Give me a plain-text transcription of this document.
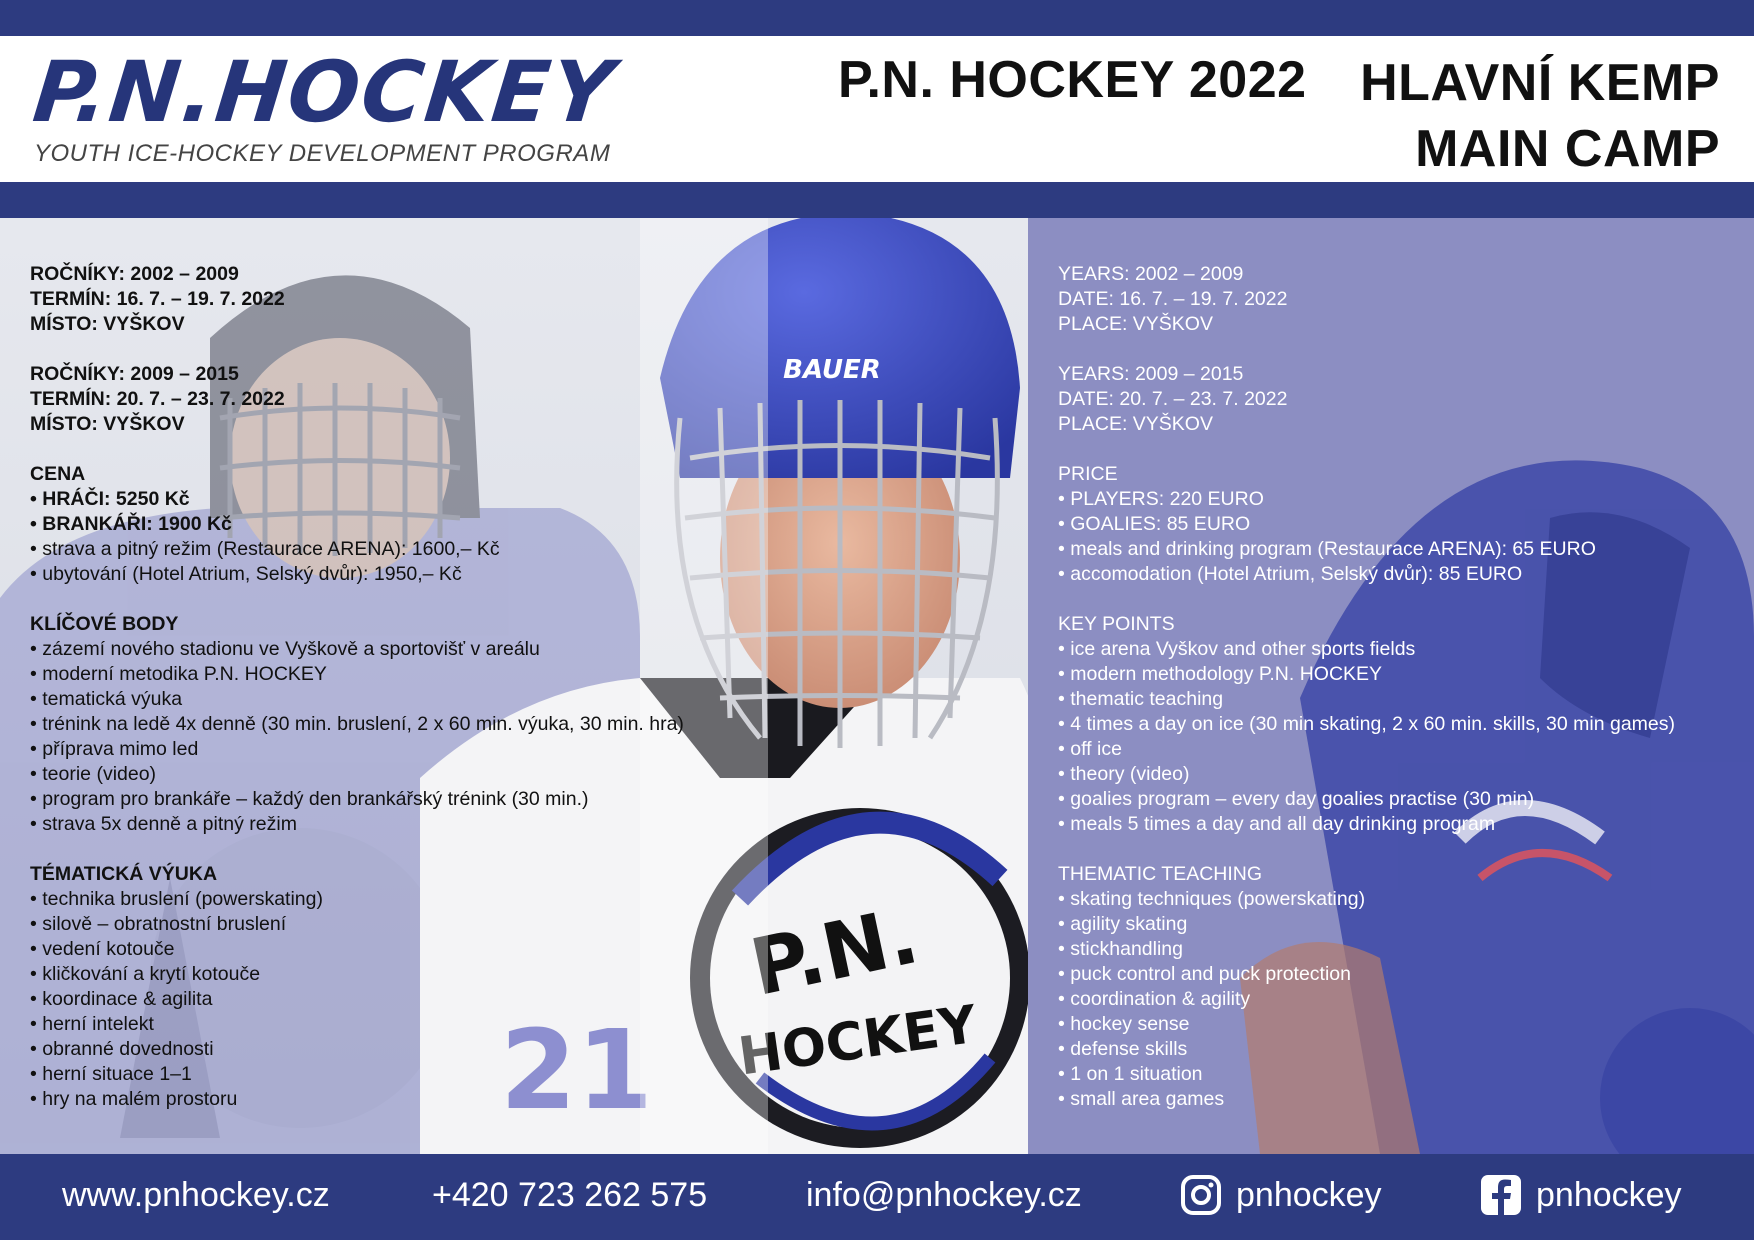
P.N.HOCKEY
YOUTH ICE-HOCKEY DEVELOPMENT PROGRAM
P.N. HOCKEY 2022 HLAVNÍ KEMP
MAIN CAMP
P.N.
HOCKEY
21
BAUER
ROČNÍKY: 2002 – 2009
TERMÍN: 16. 7. – 19. 7. 2022
MÍSTO: VYŠKOV
ROČNÍKY: 2009 – 2015
TERMÍN: 20. 7. – 23. 7. 2022
MÍSTO: VYŠKOV
CENA
• HRÁČI: 5250 Kč
• BRANKÁŘI: 1900 Kč
• strava a pitný režim (Restaurace ARENA): 1600,– Kč
• ubytování (Hotel Atrium, Selský dvůr): 1950,– Kč
KLÍČOVÉ BODY
• zázemí nového stadionu ve Vyškově a sportovišť v areálu
• moderní metodika P.N. HOCKEY
• tematická výuka
• trénink na ledě 4x denně (30 min. bruslení, 2 x 60 min. výuka, 30 min. hra)
• příprava mimo led
• teorie (video)
• program pro brankáře – každý den brankářský trénink (30 min.)
• strava 5x denně a pitný režim
TÉMATICKÁ VÝUKA
• technika bruslení (powerskating)
• silově – obratnostní bruslení
• vedení kotouče
• kličkování a krytí kotouče
• koordinace & agilita
• herní intelekt
• obranné dovednosti
• herní situace 1–1
• hry na malém prostoru
YEARS: 2002 – 2009
DATE: 16. 7. – 19. 7. 2022
PLACE: VYŠKOV
YEARS: 2009 – 2015
DATE: 20. 7. – 23. 7. 2022
PLACE: VYŠKOV
PRICE
• PLAYERS: 220 EURO
• GOALIES: 85 EURO
• meals and drinking program (Restaurace ARENA): 65 EURO
• accomodation (Hotel Atrium, Selský dvůr): 85 EURO
KEY POINTS
• ice arena Vyškov and other sports fields
• modern methodology P.N. HOCKEY
• thematic teaching
• 4 times a day on ice (30 min skating, 2 x 60 min. skills, 30 min games)
• off ice
• theory (video)
• goalies program – every day goalies practise (30 min)
• meals 5 times a day and all day drinking program
THEMATIC TEACHING
• skating techniques (powerskating)
• agility skating
• stickhandling
• puck control and puck protection
• coordination & agility
• hockey sense
• defense skills
• 1 on 1 situation
• small area games
www.pnhockey.cz	+420 723 262 575	info@pnhockey.cz	pnhockey	pnhockey
